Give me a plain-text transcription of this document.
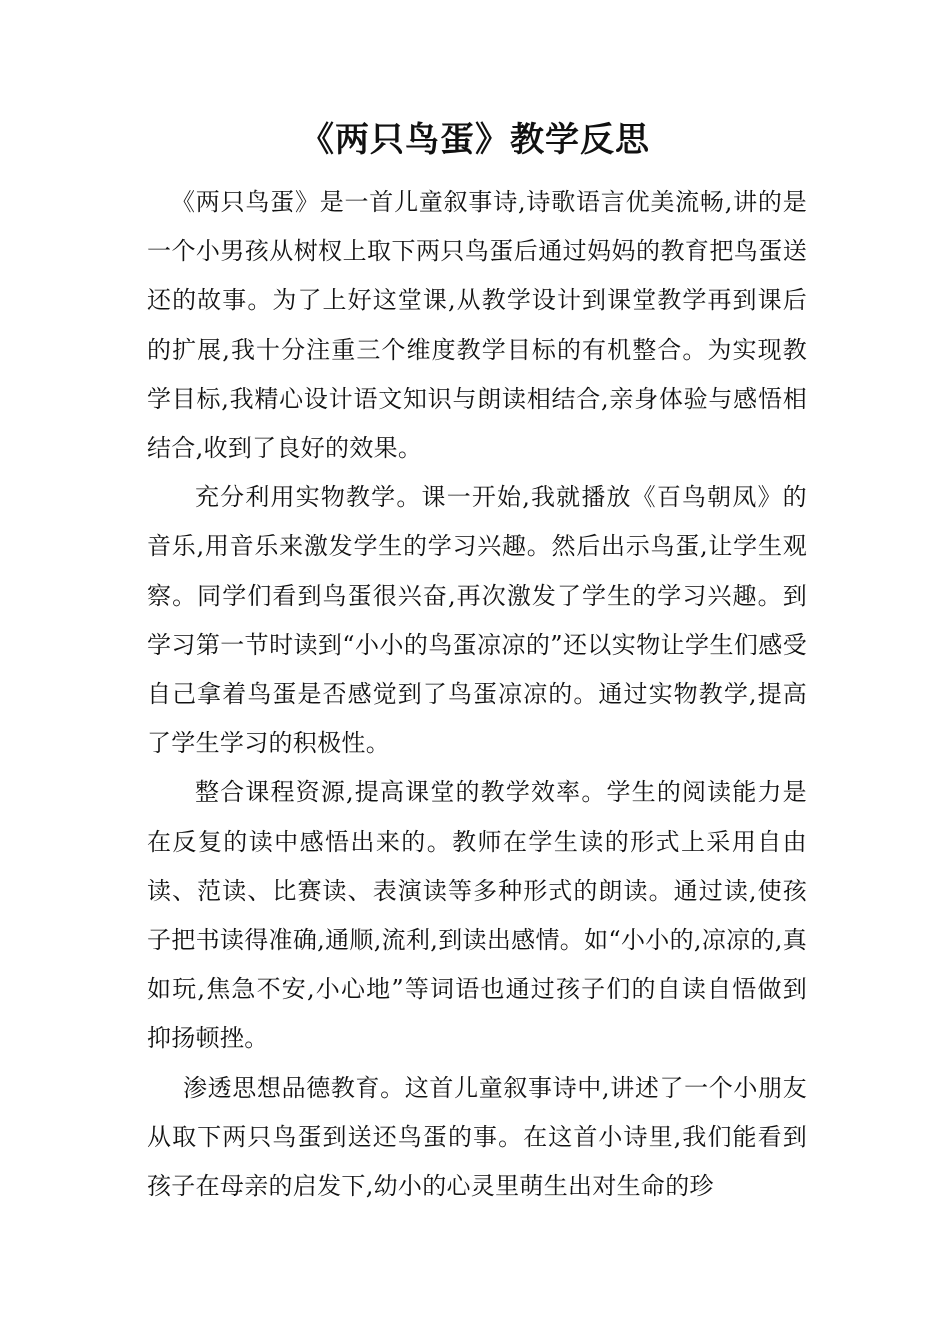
《两只鸟蛋》教学反思

《两只鸟蛋》是一首儿童叙事诗,诗歌语言优美流畅,讲的是一个小男孩从树杈上取下两只鸟蛋后通过妈妈的教育把鸟蛋送还的故事。为了上好这堂课,从教学设计到课堂教学再到课后的扩展,我十分注重三个维度教学目标的有机整合。为实现教学目标,我精心设计语文知识与朗读相结合,亲身体验与感悟相结合,收到了良好的效果。

充分利用实物教学。课一开始,我就播放《百鸟朝凤》的音乐,用音乐来激发学生的学习兴趣。然后出示鸟蛋,让学生观察。同学们看到鸟蛋很兴奋,再次激发了学生的学习兴趣。到学习第一节时读到“小小的鸟蛋凉凉的”还以实物让学生们感受自己拿着鸟蛋是否感觉到了鸟蛋凉凉的。通过实物教学,提高了学生学习的积极性。

整合课程资源,提高课堂的教学效率。学生的阅读能力是在反复的读中感悟出来的。教师在学生读的形式上采用自由读、范读、比赛读、表演读等多种形式的朗读。通过读,使孩子把书读得准确,通顺,流利,到读出感情。如“小小的,凉凉的,真如玩,焦急不安,小心地”等词语也通过孩子们的自读自悟做到抑扬顿挫。

渗透思想品德教育。这首儿童叙事诗中,讲述了一个小朋友从取下两只鸟蛋到送还鸟蛋的事。在这首小诗里,我们能看到孩子在母亲的启发下,幼小的心灵里萌生出对生命的珍
